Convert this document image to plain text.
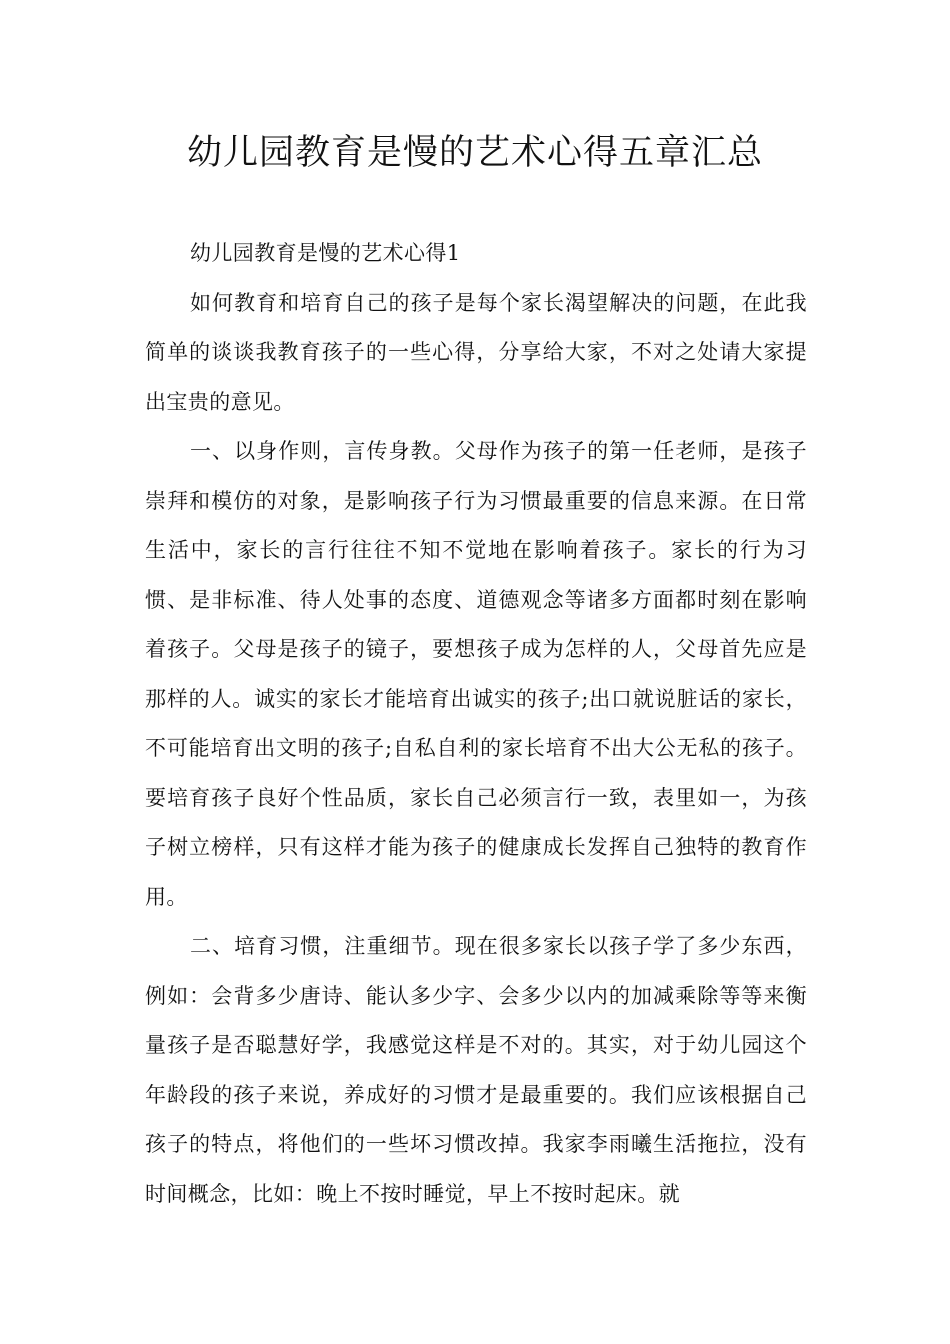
幼儿园教育是慢的艺术心得五章汇总

幼儿园教育是慢的艺术心得1

如何教育和培育自己的孩子是每个家长渴望解决的问题，在此我简单的谈谈我教育孩子的一些心得，分享给大家，不对之处请大家提出宝贵的意见。

一、以身作则，言传身教。父母作为孩子的第一任老师，是孩子崇拜和模仿的对象，是影响孩子行为习惯最重要的信息来源。在日常生活中，家长的言行往往不知不觉地在影响着孩子。家长的行为习惯、是非标准、待人处事的态度、道德观念等诸多方面都时刻在影响着孩子。父母是孩子的镜子，要想孩子成为怎样的人，父母首先应是那样的人。诚实的家长才能培育出诚实的孩子;出口就说脏话的家长，不可能培育出文明的孩子;自私自利的家长培育不出大公无私的孩子。要培育孩子良好个性品质，家长自己必须言行一致，表里如一，为孩子树立榜样，只有这样才能为孩子的健康成长发挥自己独特的教育作用。

二、培育习惯，注重细节。现在很多家长以孩子学了多少东西，例如：会背多少唐诗、能认多少字、会多少以内的加减乘除等等来衡量孩子是否聪慧好学，我感觉这样是不对的。其实，对于幼儿园这个年龄段的孩子来说，养成好的习惯才是最重要的。我们应该根据自己孩子的特点，将他们的一些坏习惯改掉。我家李雨曦生活拖拉，没有时间概念，比如：晚上不按时睡觉，早上不按时起床。就
